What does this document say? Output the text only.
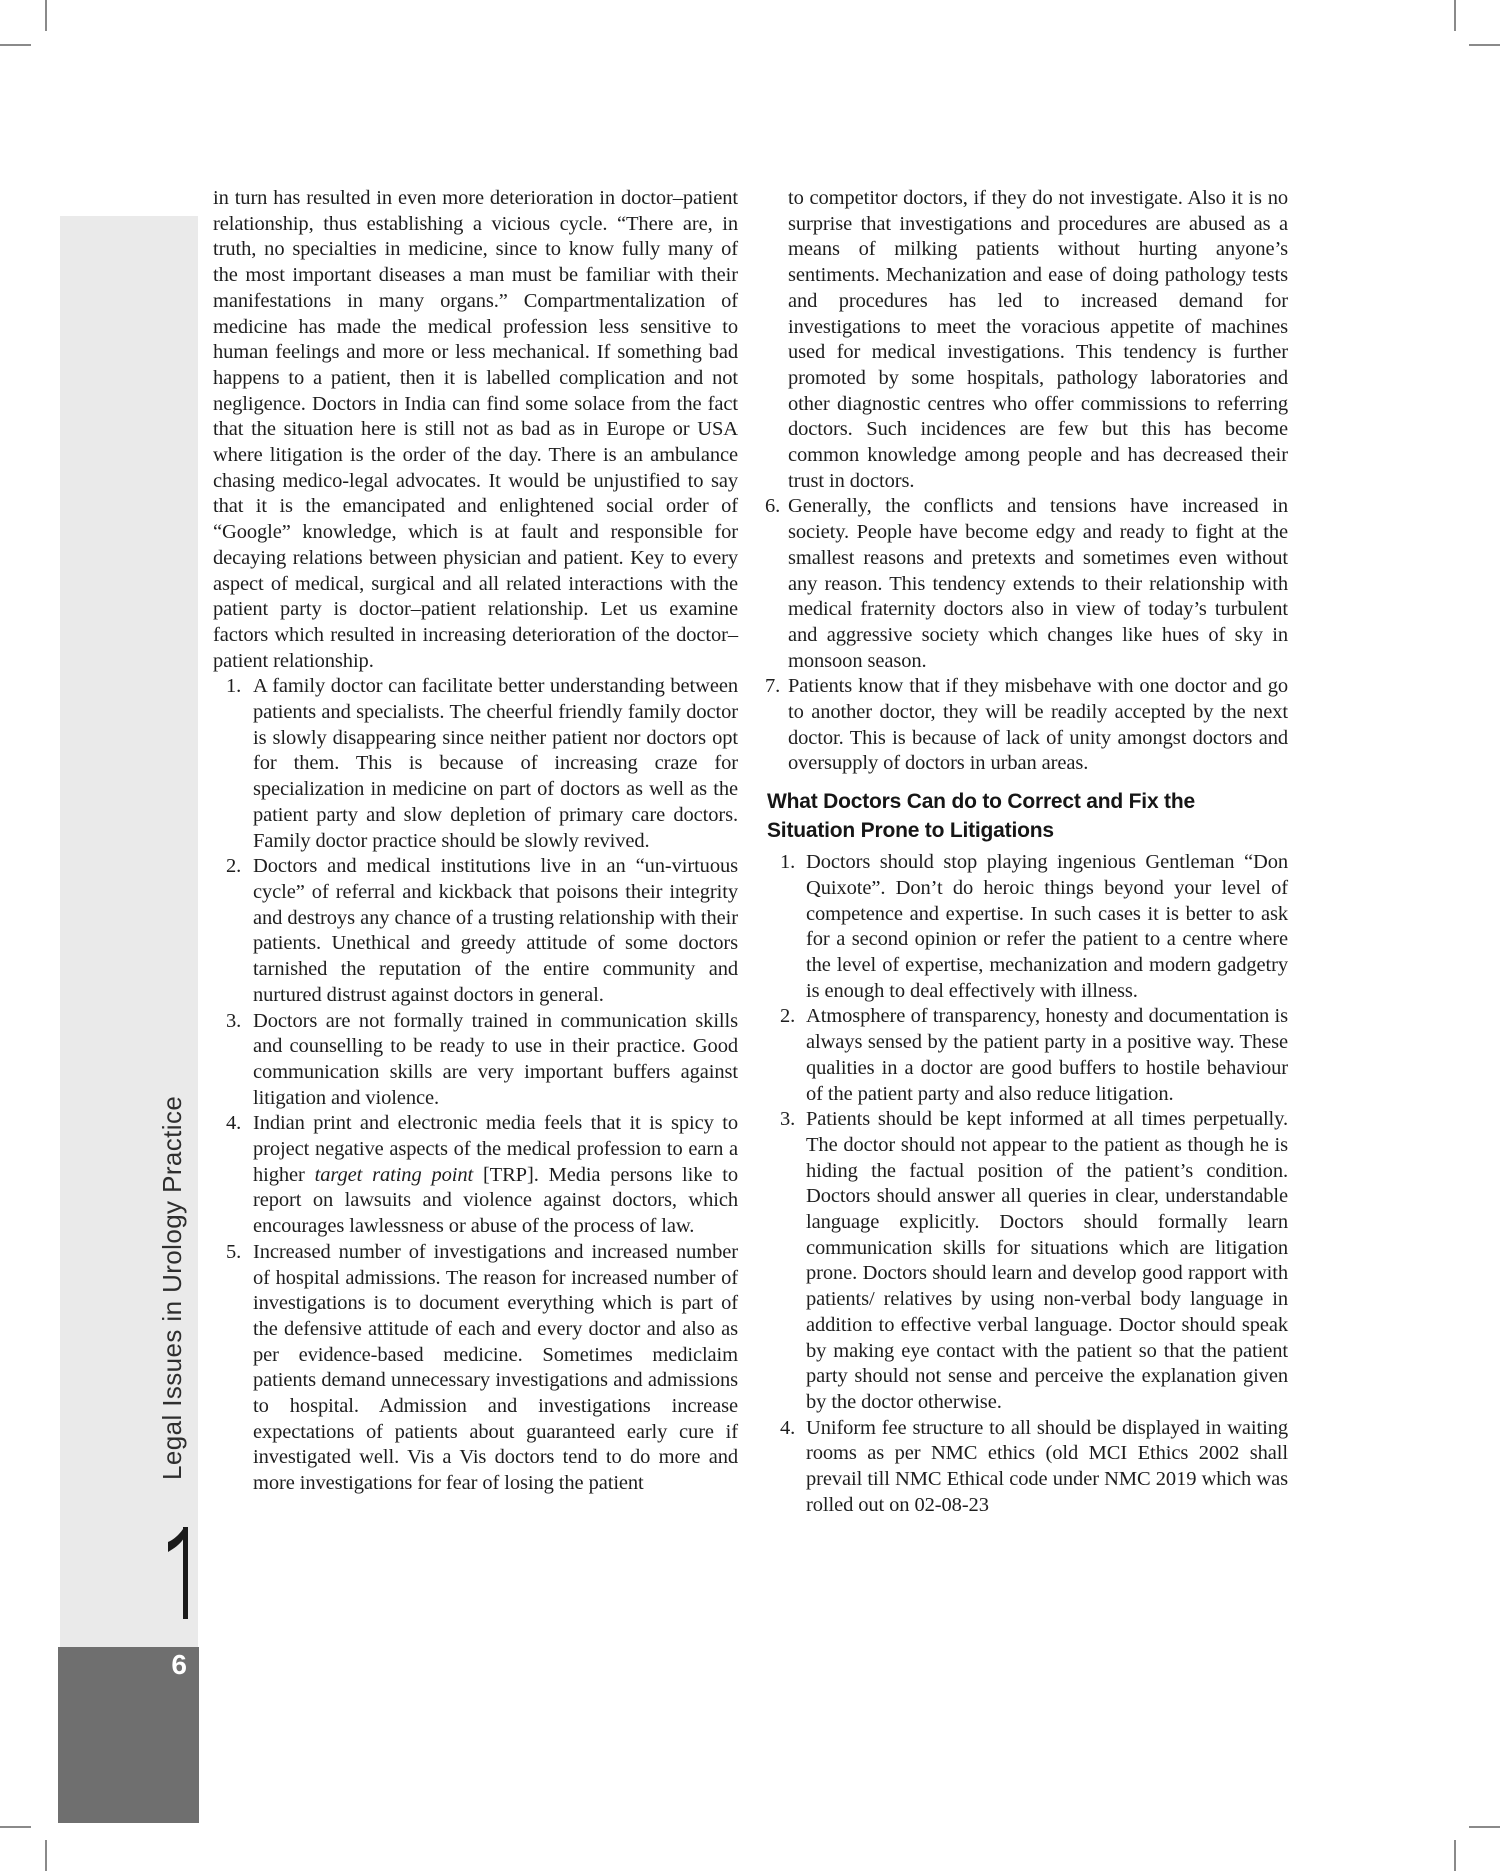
Legal Issues in Urology Practice
6

in turn has resulted in even more deterioration in doctor–patient relationship, thus establishing a vicious cycle. “There are, in truth, no specialties in medicine, since to know fully many of the most important diseases a man must be familiar with their manifestations in many organs.” Compartmentalization of medicine has made the medical profession less sensitive to human feelings and more or less mechanical. If something bad happens to a patient, then it is labelled complication and not negligence. Doctors in India can find some solace from the fact that the situation here is still not as bad as in Europe or USA where litigation is the order of the day. There is an ambulance chasing medico-legal advocates. It would be unjustified to say that it is the emancipated and enlightened social order of “Google” knowledge, which is at fault and responsible for decaying relations between physician and patient. Key to every aspect of medical, surgical and all related interactions with the patient party is doctor–patient relationship. Let us examine factors which resulted in increasing deterioration of the doctor–patient relationship.

1. A family doctor can facilitate better understanding between patients and specialists. The cheerful friendly family doctor is slowly disappearing since neither patient nor doctors opt for them. This is because of increasing craze for specialization in medicine on part of doctors as well as the patient party and slow depletion of primary care doctors. Family doctor practice should be slowly revived.
2. Doctors and medical institutions live in an “un-virtuous cycle” of referral and kickback that poisons their integrity and destroys any chance of a trusting relationship with their patients. Unethical and greedy attitude of some doctors tarnished the reputation of the entire community and nurtured distrust against doctors in general.
3. Doctors are not formally trained in communication skills and counselling to be ready to use in their practice. Good communication skills are very important buffers against litigation and violence.
4. Indian print and electronic media feels that it is spicy to project negative aspects of the medical profession to earn a higher target rating point [TRP]. Media persons like to report on lawsuits and violence against doctors, which encourages lawlessness or abuse of the process of law.
5. Increased number of investigations and increased number of hospital admissions. The reason for increased number of investigations is to document everything which is part of the defensive attitude of each and every doctor and also as per evidence-based medicine. Sometimes mediclaim patients demand unnecessary investigations and admissions to hospital. Admission and investigations increase expectations of patients about guaranteed early cure if investigated well. Vis a Vis doctors tend to do more and more investigations for fear of losing the patient

to competitor doctors, if they do not investigate. Also it is no surprise that investigations and procedures are abused as a means of milking patients without hurting anyone’s sentiments. Mechanization and ease of doing pathology tests and procedures has led to increased demand for investigations to meet the voracious appetite of machines used for medical investigations. This tendency is further promoted by some hospitals, pathology laboratories and other diagnostic centres who offer commissions to referring doctors. Such incidences are few but this has become common knowledge among people and has decreased their trust in doctors.

6. Generally, the conflicts and tensions have increased in society. People have become edgy and ready to fight at the smallest reasons and pretexts and sometimes even without any reason. This tendency extends to their relationship with medical fraternity doctors also in view of today’s turbulent and aggressive society which changes like hues of sky in monsoon season.
7. Patients know that if they misbehave with one doctor and go to another doctor, they will be readily accepted by the next doctor. This is because of lack of unity amongst doctors and oversupply of doctors in urban areas.
What Doctors Can do to Correct and Fix the Situation Prone to Litigations
1. Doctors should stop playing ingenious Gentleman “Don Quixote”. Don’t do heroic things beyond your level of competence and expertise. In such cases it is better to ask for a second opinion or refer the patient to a centre where the level of expertise, mechanization and modern gadgetry is enough to deal effectively with illness.
2. Atmosphere of transparency, honesty and documentation is always sensed by the patient party in a positive way. These qualities in a doctor are good buffers to hostile behaviour of the patient party and also reduce litigation.
3. Patients should be kept informed at all times perpetually. The doctor should not appear to the patient as though he is hiding the factual position of the patient’s condition. Doctors should answer all queries in clear, understandable language explicitly. Doctors should formally learn communication skills for situations which are litigation prone. Doctors should learn and develop good rapport with patients/ relatives by using non-verbal body language in addition to effective verbal language. Doctor should speak by making eye contact with the patient so that the patient party should not sense and perceive the explanation given by the doctor otherwise.
4. Uniform fee structure to all should be displayed in waiting rooms as per NMC ethics (old MCI Ethics 2002 shall prevail till NMC Ethical code under NMC 2019 which was rolled out on 02-08-23
